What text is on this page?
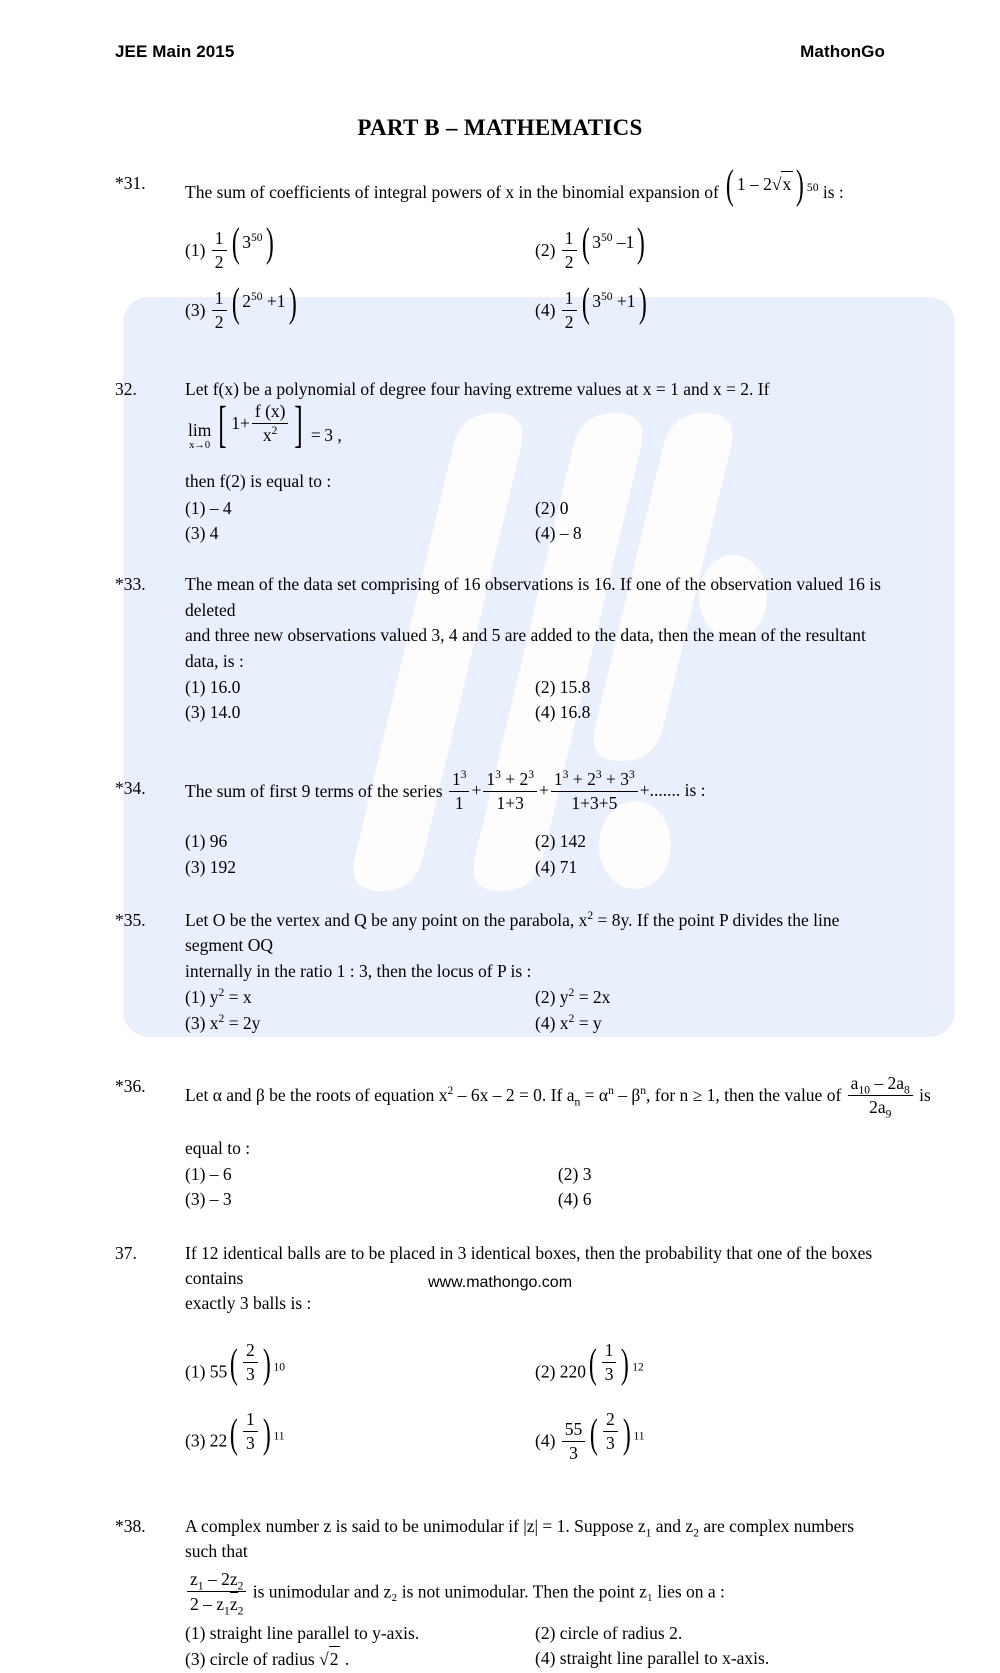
JEE Main 2015	MathonGo
PART B – MATHEMATICS
*31.	The sum of coefficients of integral powers of x in the binomial expansion of ( 1 – 2√x ) $^{50}$ is :
$(1) \frac{1}{2}$ ( $3^{50}$ )
$(3) \frac{1}{2}$ ( $2^{50} +1$ )
$(2) \frac{1}{2}$ ( $3^{50}$ –1 )
$(4) \frac{1}{2}$ ( $3^{50} +1$ )
32.	Let f(x) be a polynomial of degree four having extreme values at x = 1 and x = 2. If
lim
x→0 [ $1+ \frac{f (x)}{x^2}$ ]  = 3 ,
then f(2) is equal to :
(1) – 4
(3) 4
(2) 0
(4) – 8
*33.	The mean of the data set comprising of 16 observations is 16. If one of the observation valued 16 is deleted
and three new observations valued 3, 4 and 5 are added to the data, then the mean of the resultant data, is :
(1) 16.0
(3) 14.0
(2) 15.8
(4) 16.8
*34.	The sum of first 9 terms of the series $\frac{1^3}{1} + \frac{1^3 + 2^3}{1+3} + \frac{1^3 + 2^3 + 3^3}{1+3+5}$ +....... is :
(1) 96
(3) 192
(2) 142
(4) 71
*35.	Let O be the vertex and Q be any point on the parabola, $x^2 = 8y$. If the point P divides the line segment OQ
internally in the ratio 1 : 3, then the locus of P is :
(1) $y^2 = x$
(3) $x^2 = 2y$
(2) $y^2 = 2x$
(4) $x^2 = y$
*36.	Let α and β be the roots of equation $x^2 - 6x - 2 = 0$. If $a_n = \alpha^n - \beta^n$, for n ≥ 1, then the value of $\frac{a_{10} - 2a_8}{2a_9}$ is
equal to :
(1) – 6
(3) – 3
(2) 3
(4) 6
37.	If 12 identical balls are to be placed in 3 identical boxes, then the probability that one of the boxes contains
exactly 3 balls is :
(1) 55 ( $\frac{2}{3}$ ) $^{10}$
(3) 22 ( $\frac{1}{3}$ ) $^{11}$
(2) 220 ( $\frac{1}{3}$ ) $^{12}$
$(4) \frac{55}{3}$ ( $\frac{2}{3}$ ) $^{11}$
*38.	A complex number z is said to be unimodular if |z| = 1. Suppose $z_1$ and $z_2$ are complex numbers such that
$\frac{z_1 - 2z_2}{2 - z_1z_2}$ is unimodular and z₂ is not unimodular. Then the point z₁ lies on a :
(1) straight line parallel to y-axis.
(3) circle of radius √2 .
(2) circle of radius 2.
(4) straight line parallel to x-axis.
www.mathongo.com
